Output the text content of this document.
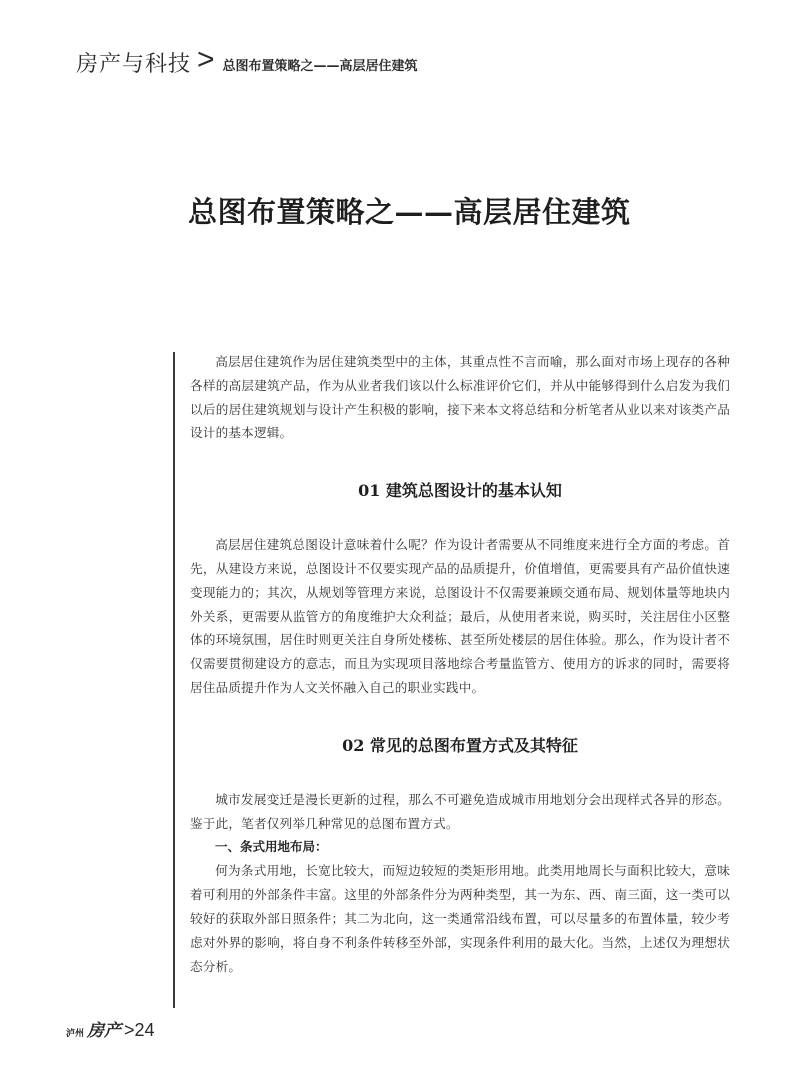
房产与科技 > 总图布置策略之——高层居住建筑
总图布置策略之——高层居住建筑

高层居住建筑作为居住建筑类型中的主体，其重点性不言而喻，那么面对市场上现存的各种各样的高层建筑产品，作为从业者我们该以什么标准评价它们，并从中能够得到什么启发为我们以后的居住建筑规划与设计产生积极的影响，接下来本文将总结和分析笔者从业以来对该类产品设计的基本逻辑。

01 建筑总图设计的基本认知

高层居住建筑总图设计意味着什么呢？作为设计者需要从不同维度来进行全方面的考虑。首先，从建设方来说，总图设计不仅要实现产品的品质提升，价值增值，更需要具有产品价值快速变现能力的；其次，从规划等管理方来说，总图设计不仅需要兼顾交通布局、规划体量等地块内外关系，更需要从监管方的角度维护大众利益；最后，从使用者来说，购买时，关注居住小区整体的环境氛围，居住时则更关注自身所处楼栋、甚至所处楼层的居住体验。那么，作为设计者不仅需要贯彻建设方的意志，而且为实现项目落地综合考量监管方、使用方的诉求的同时，需要将居住品质提升作为人文关怀融入自己的职业实践中。

02 常见的总图布置方式及其特征

城市发展变迁是漫长更新的过程，那么不可避免造成城市用地划分会出现样式各异的形态。鉴于此，笔者仅列举几种常见的总图布置方式。

一、条式用地布局：

何为条式用地，长宽比较大，而短边较短的类矩形用地。此类用地周长与面积比较大，意味着可利用的外部条件丰富。这里的外部条件分为两种类型，其一为东、西、南三面，这一类可以较好的获取外部日照条件；其二为北向，这一类通常沿线布置，可以尽量多的布置体量，较少考虑对外界的影响，将自身不利条件转移至外部，实现条件利用的最大化。当然，上述仅为理想状态分析。

泸州 房产 >24
